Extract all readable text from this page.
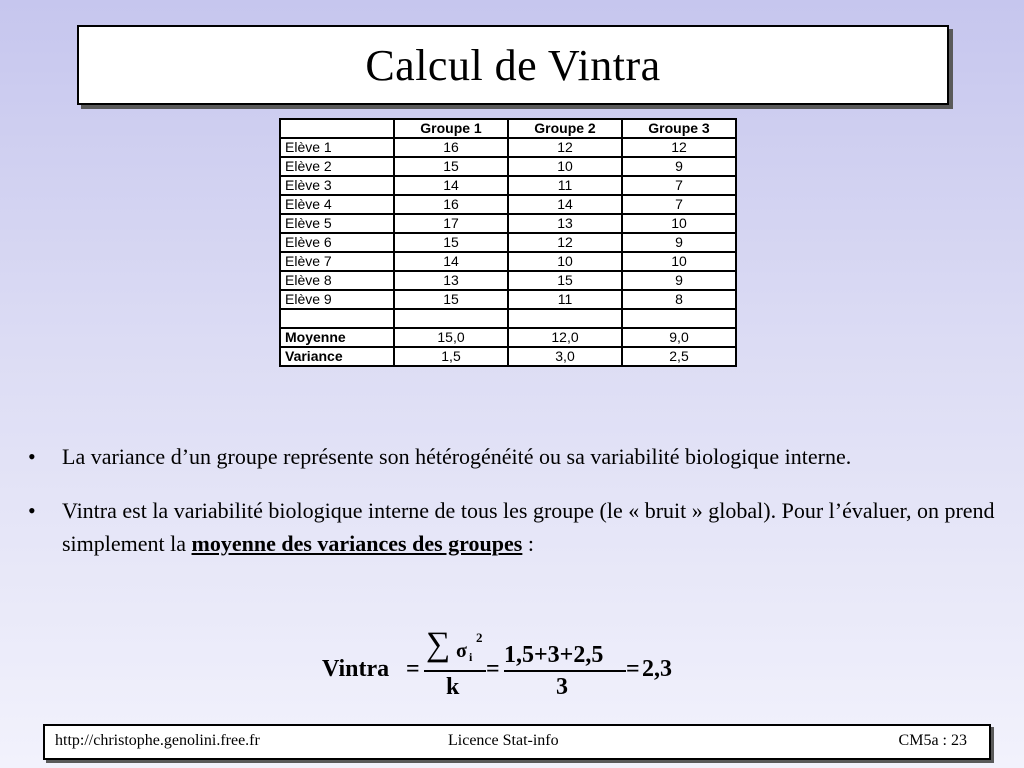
Calcul de Vintra
	Groupe 1	Groupe 2	Groupe 3
Elève 1	16	12	12
Elève 2	15	10	9
Elève 3	14	11	7
Elève 4	16	14	7
Elève 5	17	13	10
Elève 6	15	12	9
Elève 7	14	10	10
Elève 8	13	15	9
Elève 9	15	11	8

Moyenne	15,0	12,0	9,0
Variance	1,5	3,0	2,5
• La variance d’un groupe représente son hétérogénéité ou sa variabilité biologique interne.
• Vintra est la variabilité biologique interne de tous les groupe (le « bruit » global). Pour l’évaluer, on prend simplement la moyenne des variances des groupes :
Vintra =
∑ σ i
2
k
=
1,5+3+2,5
3
= 2,3
http://christophe.genolini.free.fr	Licence Stat-info	CM5a : 23
